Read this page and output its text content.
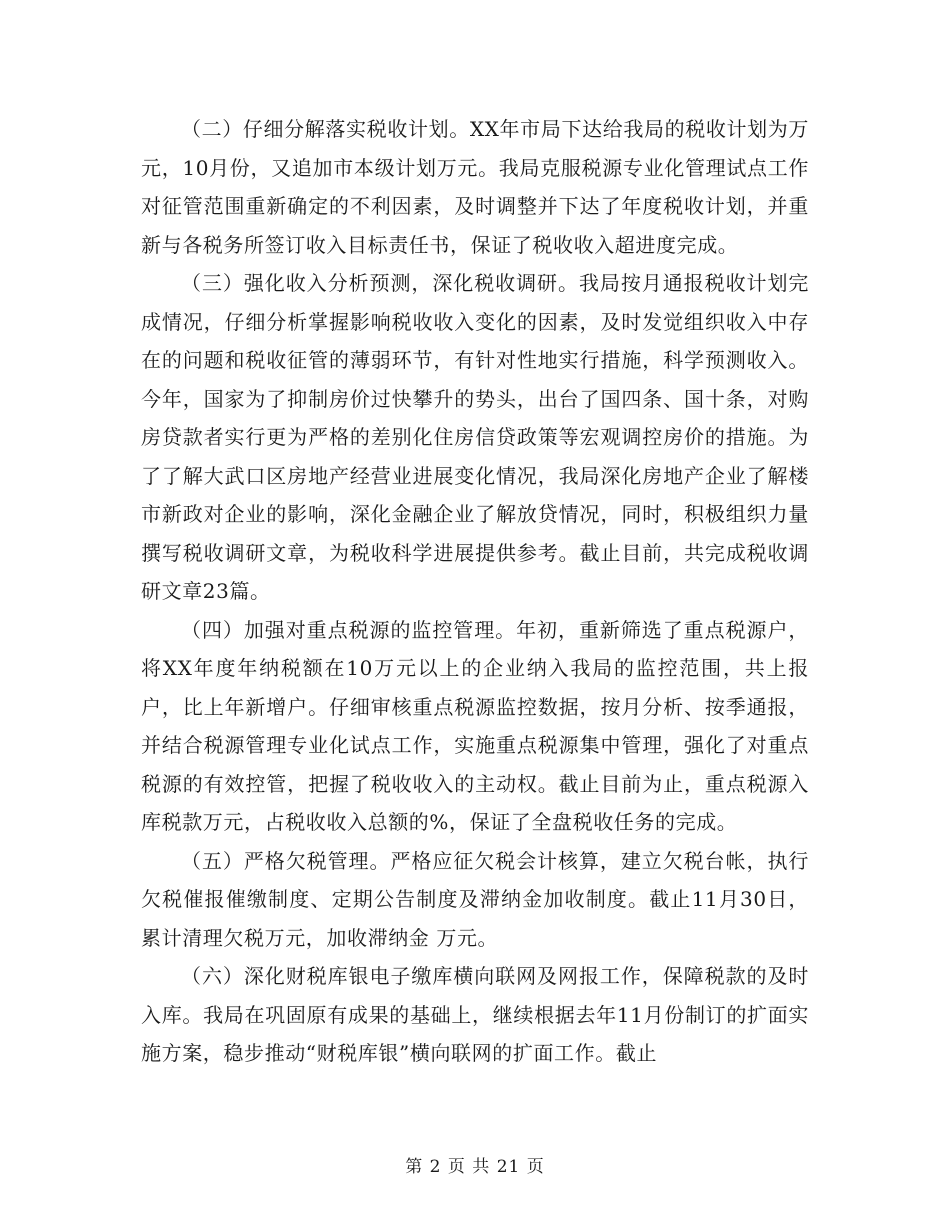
（二）仔细分解落实税收计划。XX年市局下达给我局的税收计划为万元，10月份，又追加市本级计划万元。我局克服税源专业化管理试点工作对征管范围重新确定的不利因素，及时调整并下达了年度税收计划，并重新与各税务所签订收入目标责任书，保证了税收收入超进度完成。

（三）强化收入分析预测，深化税收调研。我局按月通报税收计划完成情况，仔细分析掌握影响税收收入变化的因素，及时发觉组织收入中存在的问题和税收征管的薄弱环节，有针对性地实行措施，科学预测收入。今年，国家为了抑制房价过快攀升的势头，出台了国四条、国十条，对购房贷款者实行更为严格的差别化住房信贷政策等宏观调控房价的措施。为了了解大武口区房地产经营业进展变化情况，我局深化房地产企业了解楼市新政对企业的影响，深化金融企业了解放贷情况，同时，积极组织力量撰写税收调研文章，为税收科学进展提供参考。截止目前，共完成税收调研文章23篇。

（四）加强对重点税源的监控管理。年初，重新筛选了重点税源户，将XX年度年纳税额在10万元以上的企业纳入我局的监控范围，共上报户，比上年新增户。仔细审核重点税源监控数据，按月分析、按季通报，并结合税源管理专业化试点工作，实施重点税源集中管理，强化了对重点税源的有效控管，把握了税收收入的主动权。截止目前为止，重点税源入库税款万元，占税收收入总额的%，保证了全盘税收任务的完成。

（五）严格欠税管理。严格应征欠税会计核算，建立欠税台帐，执行欠税催报催缴制度、定期公告制度及滞纳金加收制度。截止11月30日，累计清理欠税万元，加收滞纳金 万元。

（六）深化财税库银电子缴库横向联网及网报工作，保障税款的及时入库。我局在巩固原有成果的基础上，继续根据去年11月份制订的扩面实施方案，稳步推动“财税库银”横向联网的扩面工作。截止

第 2 页 共 21 页
